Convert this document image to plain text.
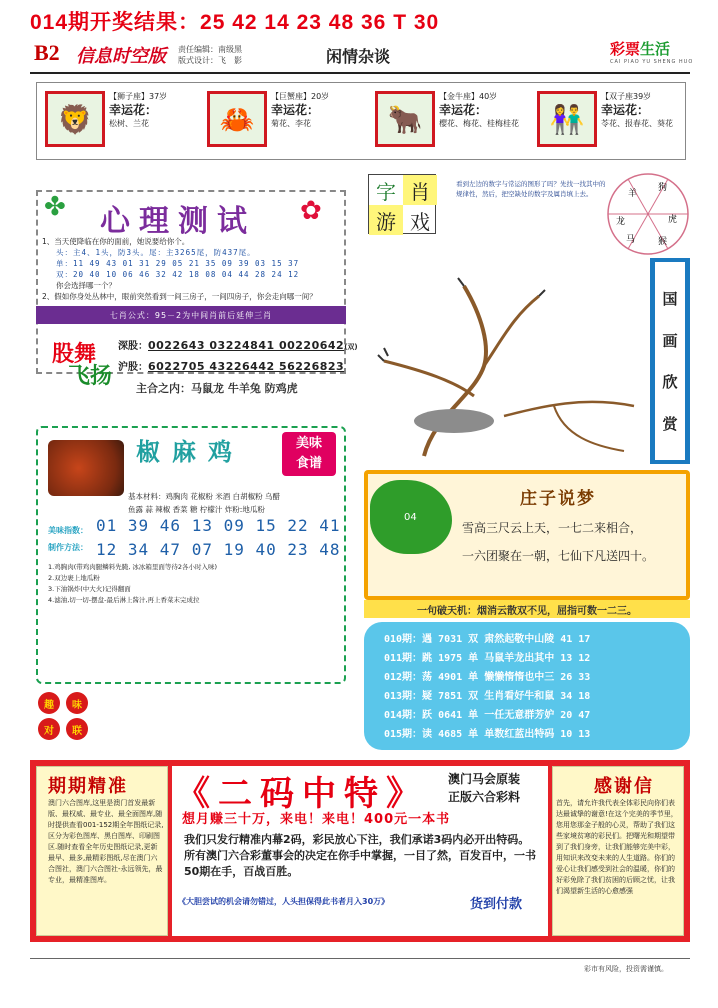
014期开奖结果：25 42 14 23 48 36 T 30
B2 信息时空版 责任编辑：南级黑
版式设计：飞　影	闲情杂谈	彩票生活
CAI PIAO YU SHENG HUO
🦁
【狮子座】37岁
幸运花：
松树、兰花	🦀
【巨蟹座】20岁
幸运花：
菊花、李花	🐂
【金牛座】40岁
幸运花：
樱花、梅花、桂梅桂花	👫
【双子座39岁
幸运花：
苓花、报春花、葵花
✤	✿
心理测试
1、当天使降临在你的面前，她说要给你个。
头：主4、1头，防3头。尾：主3265尾，防437尾。
单：11 49 43 01 31 29 05 21 35 09 39 03 15 37
双：20 40 10 06 46 32 42 18 08 04 44 28 24 12
你会选择哪一个？
2、假如你身处丛林中，眼前突然看到一间三房子，一间四房子，你会走向哪一间？
七肖公式：95－2为中间肖前后延伸三肖
股舞
飞扬
深股：0022643 03224841 00220642(双)
沪股：6022705 43226442 56226823
主合之内：马鼠龙 牛羊兔 防鸡虎
椒麻鸡	美味
食谱
基本材料：鸡胸肉 花椒粉 米酒 白胡椒粉 乌醋
鱼露 蒜 辣椒 香菜 糖 柠檬汁 炸粉:地瓜粉
美味指数：
制作方法：
01 39 46 13 09 15 22 41
12 34 47 07 19 40 23 48
1.鸡胸肉(带鸡肉腿鳞料先腌, 冰冰箱里面等待2各小时入味)
2.双边裹上地瓜粉
3.下油锅炸(中大火)记得翻面
4.滤油,切一切-摆盘-最后淋上酱汁,再上香菜末完成拉
趣	味
对	联
字 肖
游 戏
看到左边的数字与常运的图形了吗？先找一找其中的规律性，然后，把空缺处的数字及属肖填上去。	羊
狗
龙	虎
马	猴
国
画
欣
赏
04
庄子说梦
雪高三尺云上天，一七二来相合，
一六团聚在一朝，七仙下凡送四十。
一句破天机：烟消云散双不见，屈指可数一二三。
010期：遇 7031 双 肃然起敬中山陵 41 17
011期：跳 1975 单 马鼠羊龙出其中 13 12
012期：荡 4901 单 懒懒惰惰也中三 26 33
013期：疑 7851 双 生肖看好牛和鼠 34 18
014期：跃 0641 单 一任无意群芳妒 20 47
015期：读 4685 单 单数红蓝出特码 10 13
期期精准
澳门六合图库,这里是澳门首发最新版、最权威、最专业、最全面图库,随时提供查看001-152期全年图纸记录,区分为彩色图库、黑白图库、印刷图区.随时查看全年历史图纸记录,更新最早、最多,最精彩图纸,尽在澳门六合图社，澳门六合图社-永远领先，最专业，最精准图库。
《二码中特》 澳门马会原装
正版六合彩料
想月赚三十万，来电！来电！400元一本书
我们只发行精准内幕2码，彩民放心下注，我们承诺3码内必开出特码。所有澳门六合彩董事会的决定在你手中掌握，一目了然，百发百中，一书50期在手，百战百胜。
《大胆尝试的机会请勿错过，人头担保得此书者月入30万》	货到付款
感谢信
首先，请允许我代表全体彩民向你们表达最诚挚的谢意!在这个完美的季节里，您用您那金子般的心灵，帮助了我们这些家境贫寒的彩民们。把曙光和期望带到了我们身旁，让我们能够完美中彩，用知识来改变未来的人生道路。你们的爱心让我们感受到社会的温暖，你们的好彩免除了我们贫困的后顾之忧，让我们渴望新生活的心愈感强
彩市有风险，投资需谨慎。
